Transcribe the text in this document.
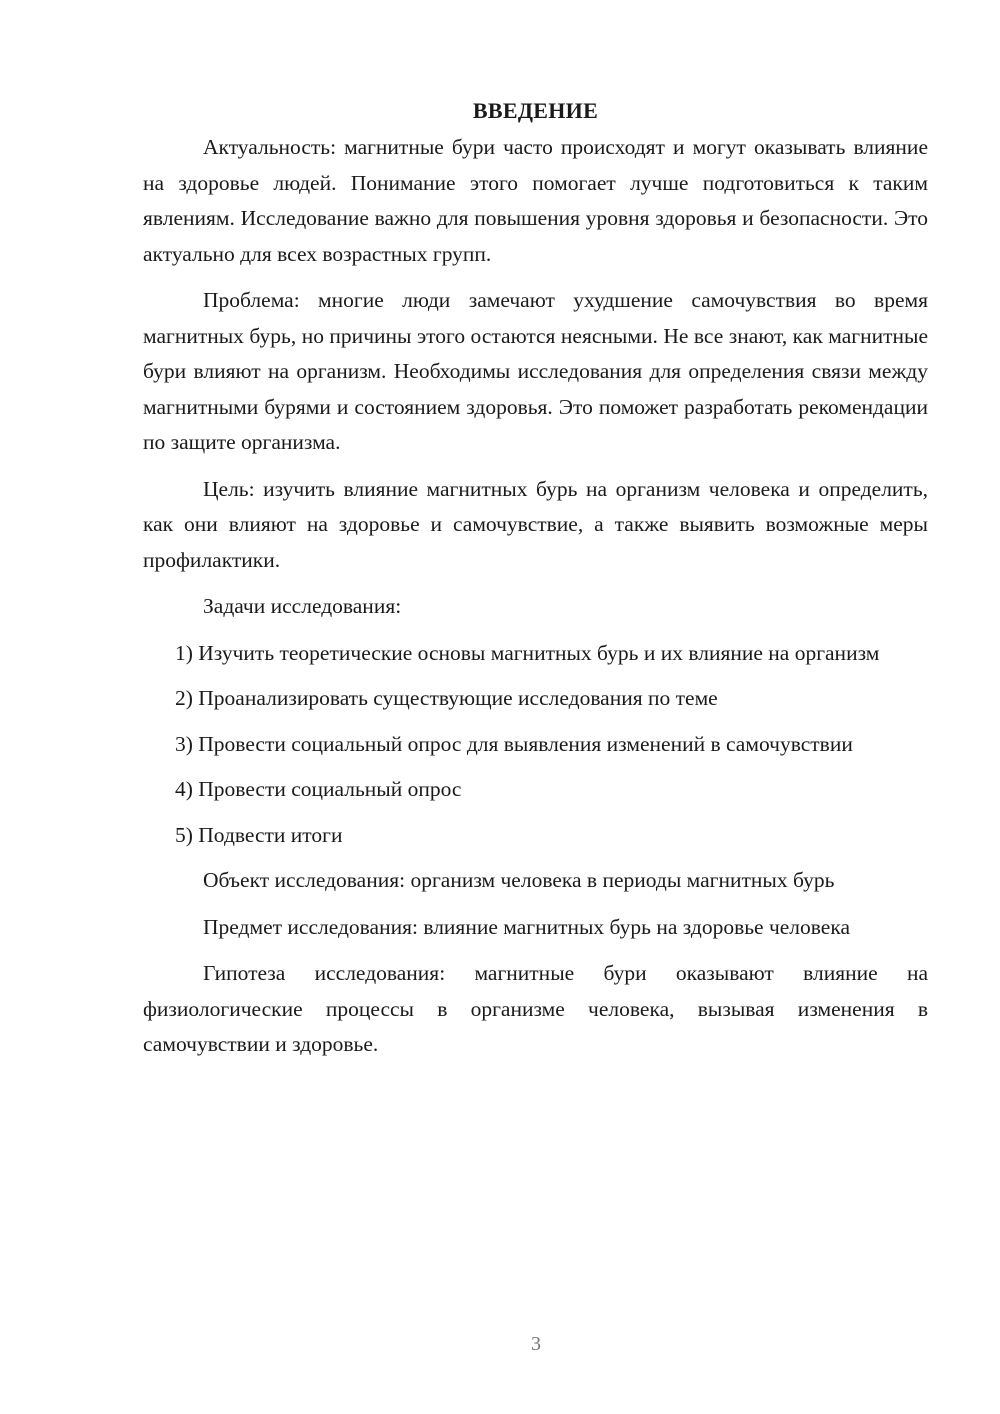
ВВЕДЕНИЕ

Актуальность: магнитные бури часто происходят и могут оказывать влияние на здоровье людей. Понимание этого помогает лучше подготовиться к таким явлениям. Исследование важно для повышения уровня здоровья и безопасности. Это актуально для всех возрастных групп.

Проблема: многие люди замечают ухудшение самочувствия во время магнитных бурь, но причины этого остаются неясными. Не все знают, как магнитные бури влияют на организм. Необходимы исследования для определения связи между магнитными бурями и состоянием здоровья. Это поможет разработать рекомендации по защите организма.

Цель: изучить влияние магнитных бурь на организм человека и определить, как они влияют на здоровье и самочувствие, а также выявить возможные меры профилактики.

Задачи исследования:

1) Изучить теоретические основы магнитных бурь и их влияние на организм

2) Проанализировать существующие исследования по теме

3) Провести социальный опрос для выявления изменений в самочувствии

4) Провести социальный опрос

5) Подвести итоги

Объект исследования: организм человека в периоды магнитных бурь

Предмет исследования: влияние магнитных бурь на здоровье человека

Гипотеза исследования: магнитные бури оказывают влияние на физиологические процессы в организме человека, вызывая изменения в самочувствии и здоровье.

3
